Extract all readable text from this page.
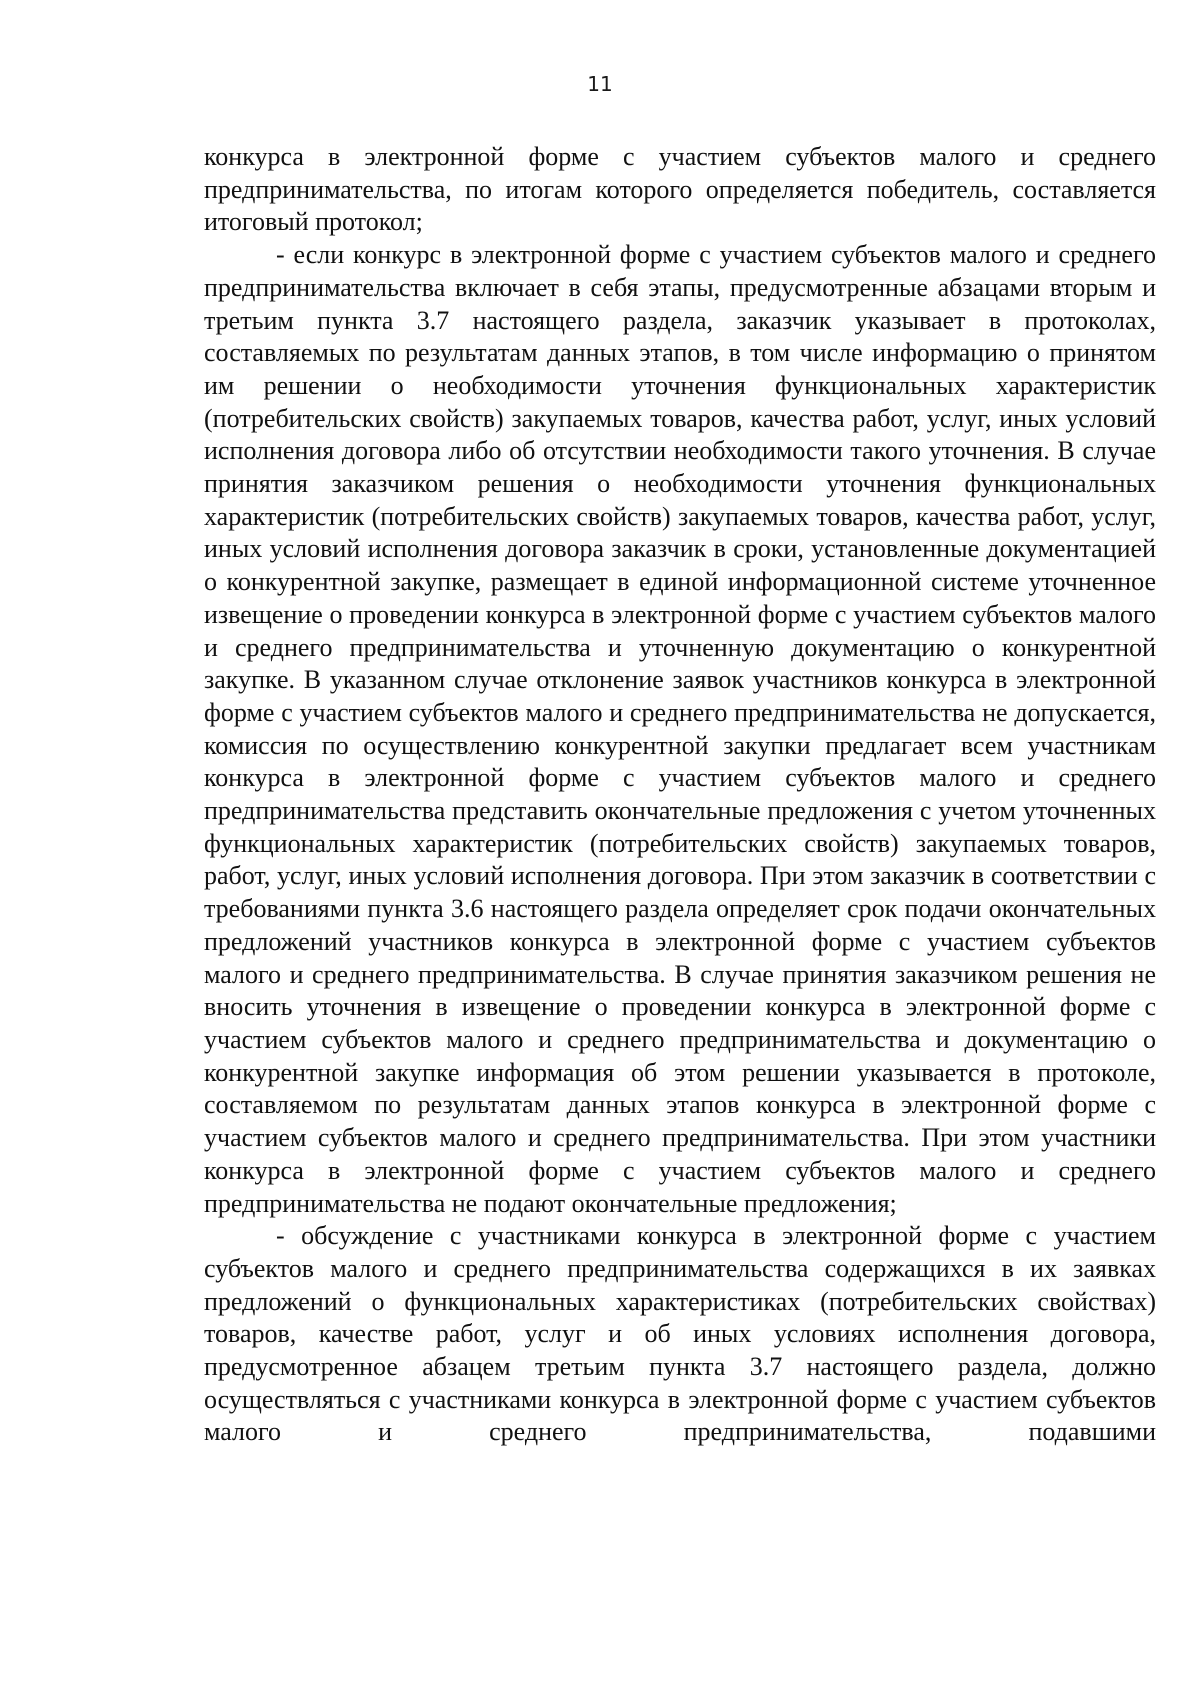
11

конкурса в электронной форме с участием субъектов малого и среднего предпринимательства, по итогам которого определяется победитель, составляется итоговый протокол;

- если конкурс в электронной форме с участием субъектов малого и среднего предпринимательства включает в себя этапы, предусмотренные абзацами вторым и третьим пункта 3.7 настоящего раздела, заказчик указывает в протоколах, составляемых по результатам данных этапов, в том числе информацию о принятом им решении о необходимости уточнения функциональных характеристик (потребительских свойств) закупаемых товаров, качества работ, услуг, иных условий исполнения договора либо об отсутствии необходимости такого уточнения. В случае принятия заказчиком решения о необходимости уточнения функциональных характеристик (потребительских свойств) закупаемых товаров, качества работ, услуг, иных условий исполнения договора заказчик в сроки, установленные документацией о конкурентной закупке, размещает в единой информационной системе уточненное извещение о проведении конкурса в электронной форме с участием субъектов малого и среднего предпринимательства и уточненную документацию о конкурентной закупке. В указанном случае отклонение заявок участников конкурса в электронной форме с участием субъектов малого и среднего предпринимательства не допускается, комиссия по осуществлению конкурентной закупки предлагает всем участникам конкурса в электронной форме с участием субъектов малого и среднего предпринимательства представить окончательные предложения с учетом уточненных функциональных характеристик (потребительских свойств) закупаемых товаров, работ, услуг, иных условий исполнения договора. При этом заказчик в соответствии с требованиями пункта 3.6 настоящего раздела определяет срок подачи окончательных предложений участников конкурса в электронной форме с участием субъектов малого и среднего предпринимательства. В случае принятия заказчиком решения не вносить уточнения в извещение о проведении конкурса в электронной форме с участием субъектов малого и среднего предпринимательства и документацию о конкурентной закупке информация об этом решении указывается в протоколе, составляемом по результатам данных этапов конкурса в электронной форме с участием субъектов малого и среднего предпринимательства. При этом участники конкурса в электронной форме с участием субъектов малого и среднего предпринимательства не подают окончательные предложения;

- обсуждение с участниками конкурса в электронной форме с участием субъектов малого и среднего предпринимательства содержащихся в их заявках предложений о функциональных характеристиках (потребительских свойствах) товаров, качестве работ, услуг и об иных условиях исполнения договора, предусмотренное абзацем третьим пункта 3.7 настоящего раздела, должно осуществляться с участниками конкурса в электронной форме с участием субъектов малого и среднего предпринимательства, подавшими
